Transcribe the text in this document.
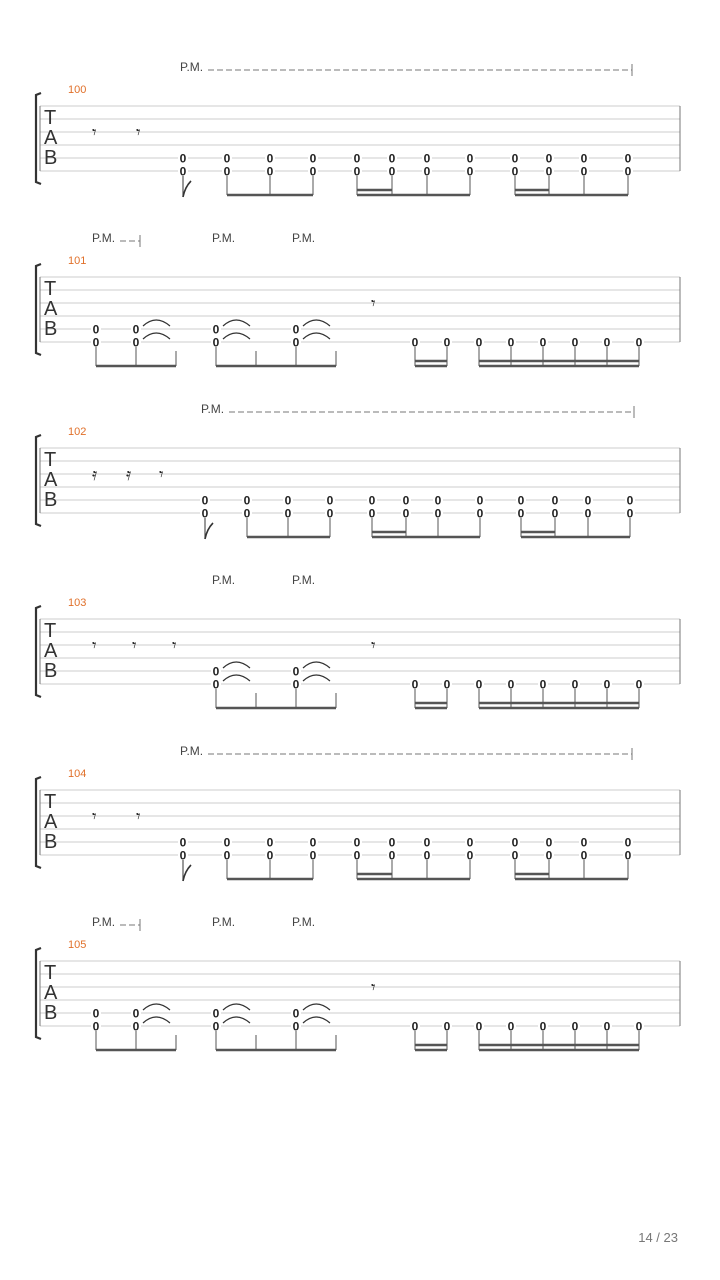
T
A
B
100
P.M.
𝄾 𝄾
0
0
0
0
0
0
0
0
0
0
0
0
0
0
0
0
0
0
0
0
0
0
0
0
T
A
B
101
P.M.	P.M.	P.M.
𝄾
0
0
0
0
0
0
0
0	0 0 0 0 0 0 0 0
T
A
B
102
P.M.
𝄿 𝄿 𝄾
0
0
0
0
0
0
0
0
0
0
0
0
0
0
0
0
0
0
0
0
0
0
0
0
T
A
B
103
P.M.	P.M.
𝄾 𝄾 𝄾	𝄾
0
0
0
0	0 0 0 0 0 0 0 0
T
A
B
104
P.M.
𝄾 𝄾
0
0
0
0
0
0
0
0
0
0
0
0
0
0
0
0
0
0
0
0
0
0
0
0
T
A
B
105
P.M.	P.M.	P.M.
𝄾
0
0
0
0
0
0
0
0	0 0 0 0 0 0 0 0
14 / 23
